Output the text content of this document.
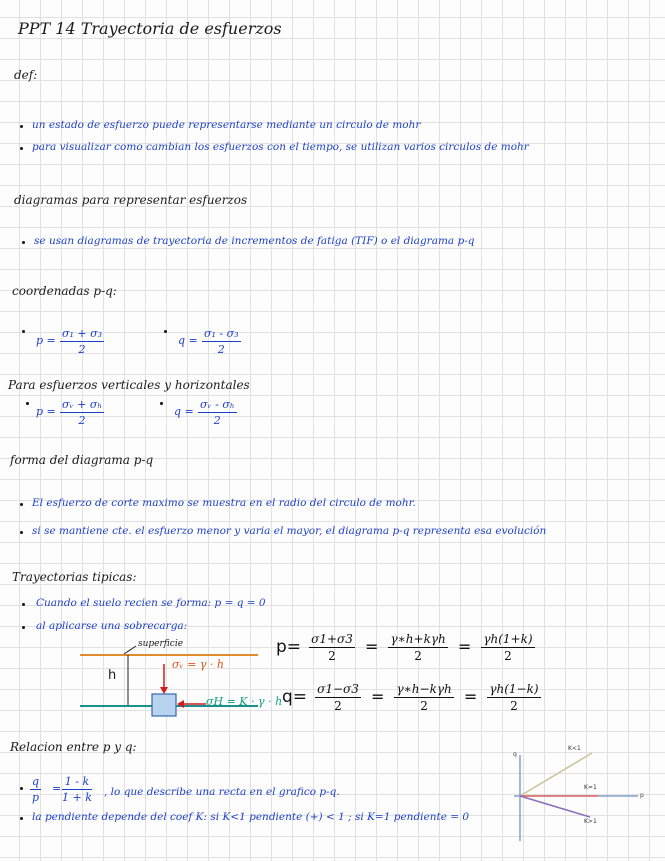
PPT 14 Trayectoria de esfuerzos
def:
un estado de esfuerzo puede representarse mediante un circulo de mohr
para visualizar como cambian los esfuerzos con el tiempo, se utilizan varios circulos de mohr
diagramas para representar esfuerzos
se usan diagramas de trayectoria de incrementos de fatiga (TIF) o el diagrama p-q
coordenadas p-q:
$p = \frac{\text{σ₁ + σ₃}}{2}$	$q = \frac{\text{σ₁ - σ₃}}{2}$
Para esfuerzos verticales y horizontales
$p = \frac{\text{σᵥ + σₕ}}{2}$	$q = \frac{\text{σᵥ - σₕ}}{2}$
forma del diagrama p-q
El esfuerzo de corte maximo se muestra en el radio del circulo de mohr.
si se mantiene cte. el esfuerzo menor y varia el mayor, el diagrama p-q representa esa evolución
Trayectorias tipicas:
Cuando el suelo recien se forma: p = q = 0
al aplicarse una sobrecarga:
superficie
h
σᵥ = γ · h
σH = K · γ · h
$p= \frac{\sigma 1+\sigma 3}{2}$ = γ∗h+kγh
2	= $\frac{\gamma h(1+k)}{2}$
$q= \frac{\sigma 1-\sigma 3}{2}$ = γ∗h−kγh
2	= $\frac{\gamma h(1-k)}{2}$
Relacion entre p y q:
$\frac{q}{p} = \frac{1 - k}{1 + k}$ , lo que describe una recta en el grafico p-q.
la pendiente depende del coef K: si K<1 pendiente (+) < 1 ; si K=1 pendiente = 0
q
p
K<1
K=1
K>1
